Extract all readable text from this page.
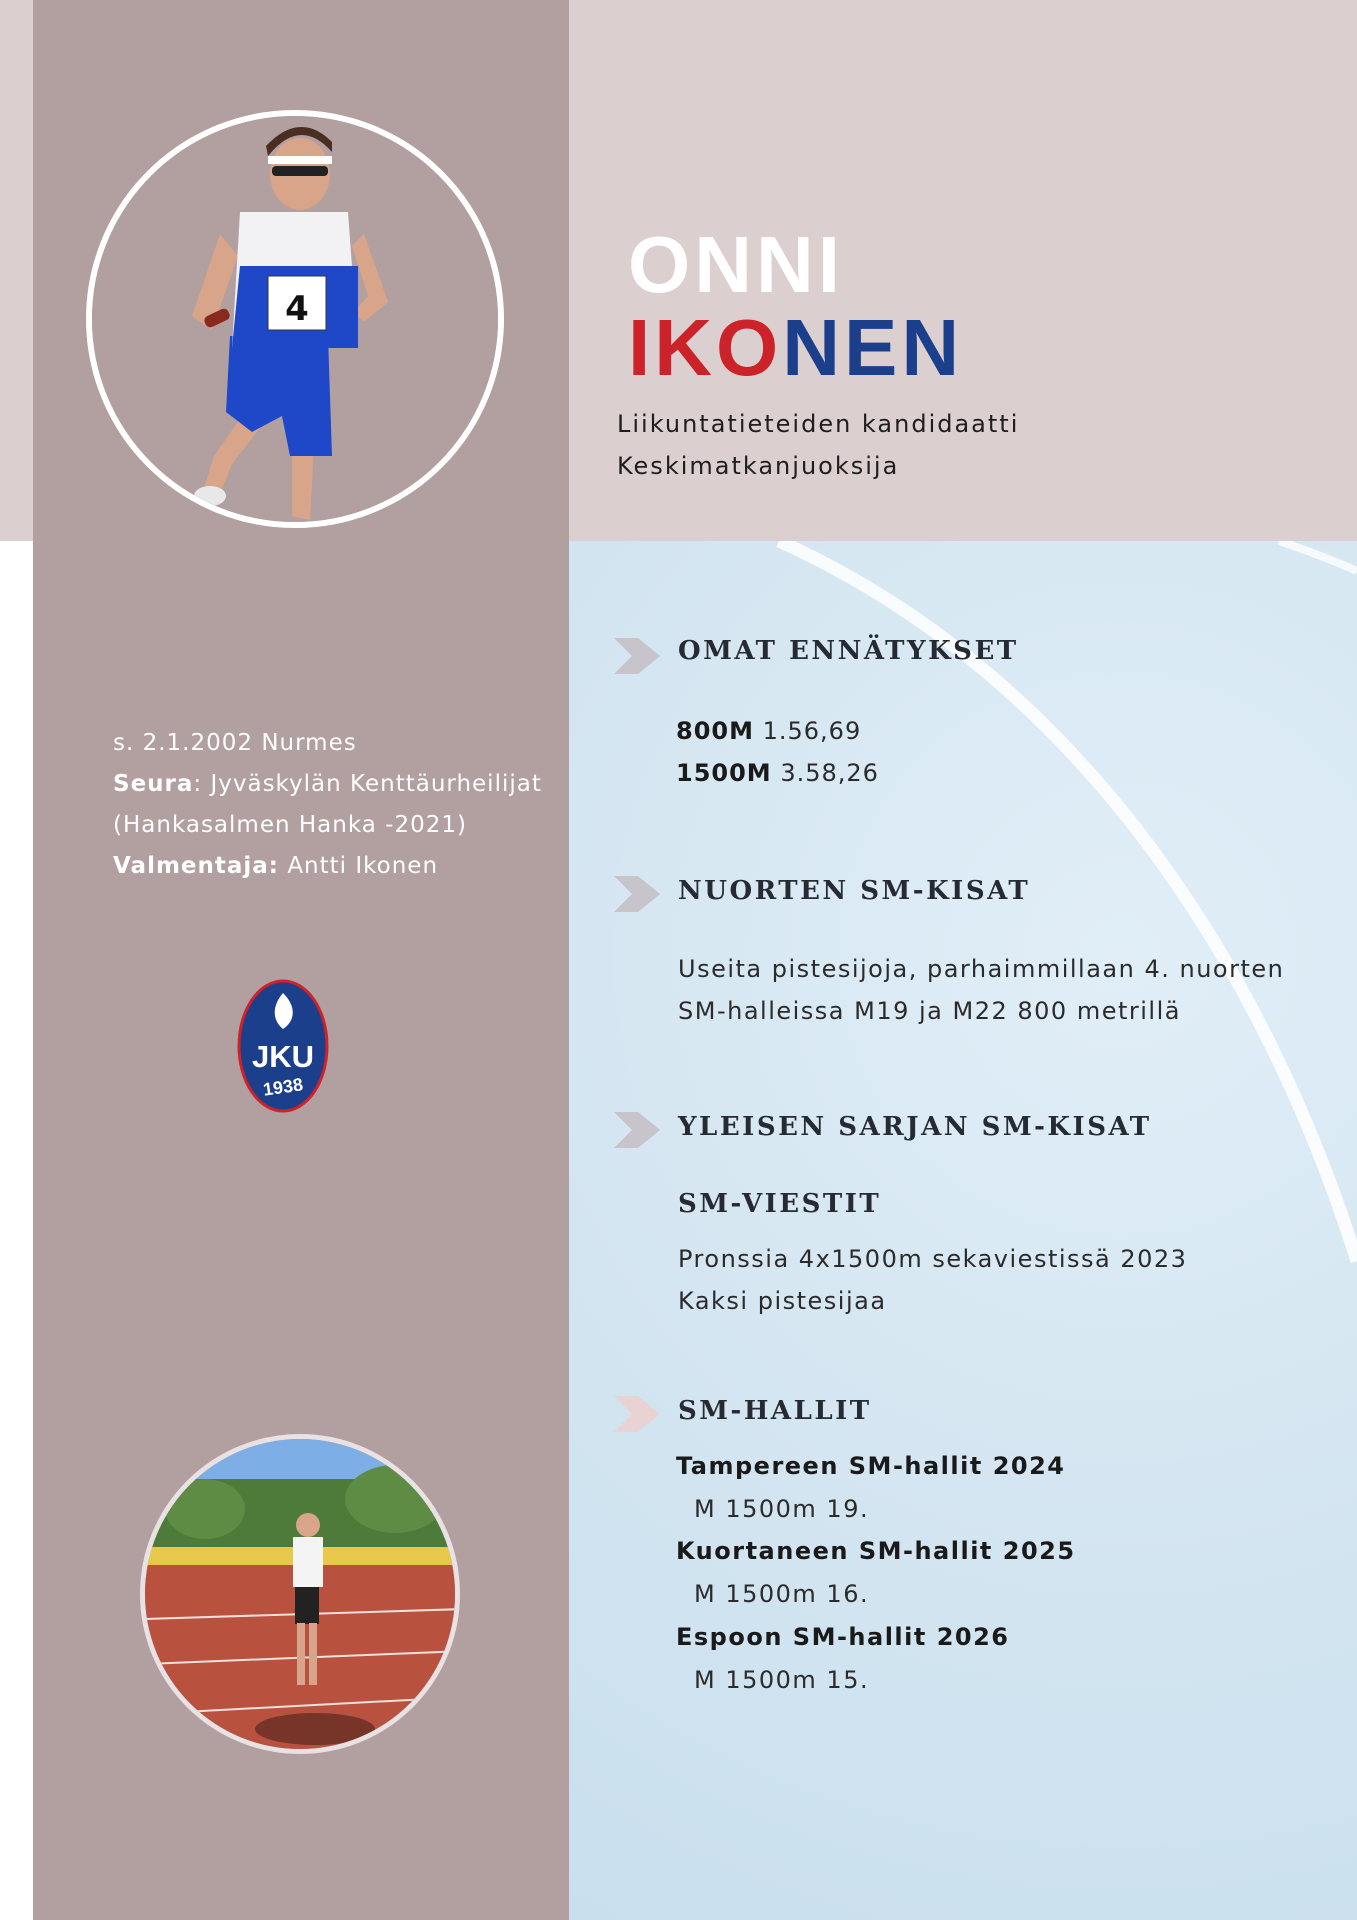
4	ONNI
IKONEN
Liikuntatieteiden kandidaatti
Keskimatkanjuoksija
s. 2.1.2002 Nurmes
Seura: Jyväskylän Kenttäurheilijat
(Hankasalmen Hanka -2021)
Valmentaja: Antti Ikonen
JKU
1938
OMAT ENNÄTYKSET
800M 1.56,69
1500M 3.58,26
NUORTEN SM-KISAT
Useita pistesijoja, parhaimmillaan 4. nuorten
SM-halleissa M19 ja M22 800 metrillä
YLEISEN SARJAN SM-KISAT
SM-VIESTIT
Pronssia 4x1500m sekaviestissä 2023
Kaksi pistesijaa
SM-HALLIT
Tampereen SM-hallit 2024
M 1500m 19.
Kuortaneen SM-hallit 2025
M 1500m 16.
Espoon SM-hallit 2026
M 1500m 15.
